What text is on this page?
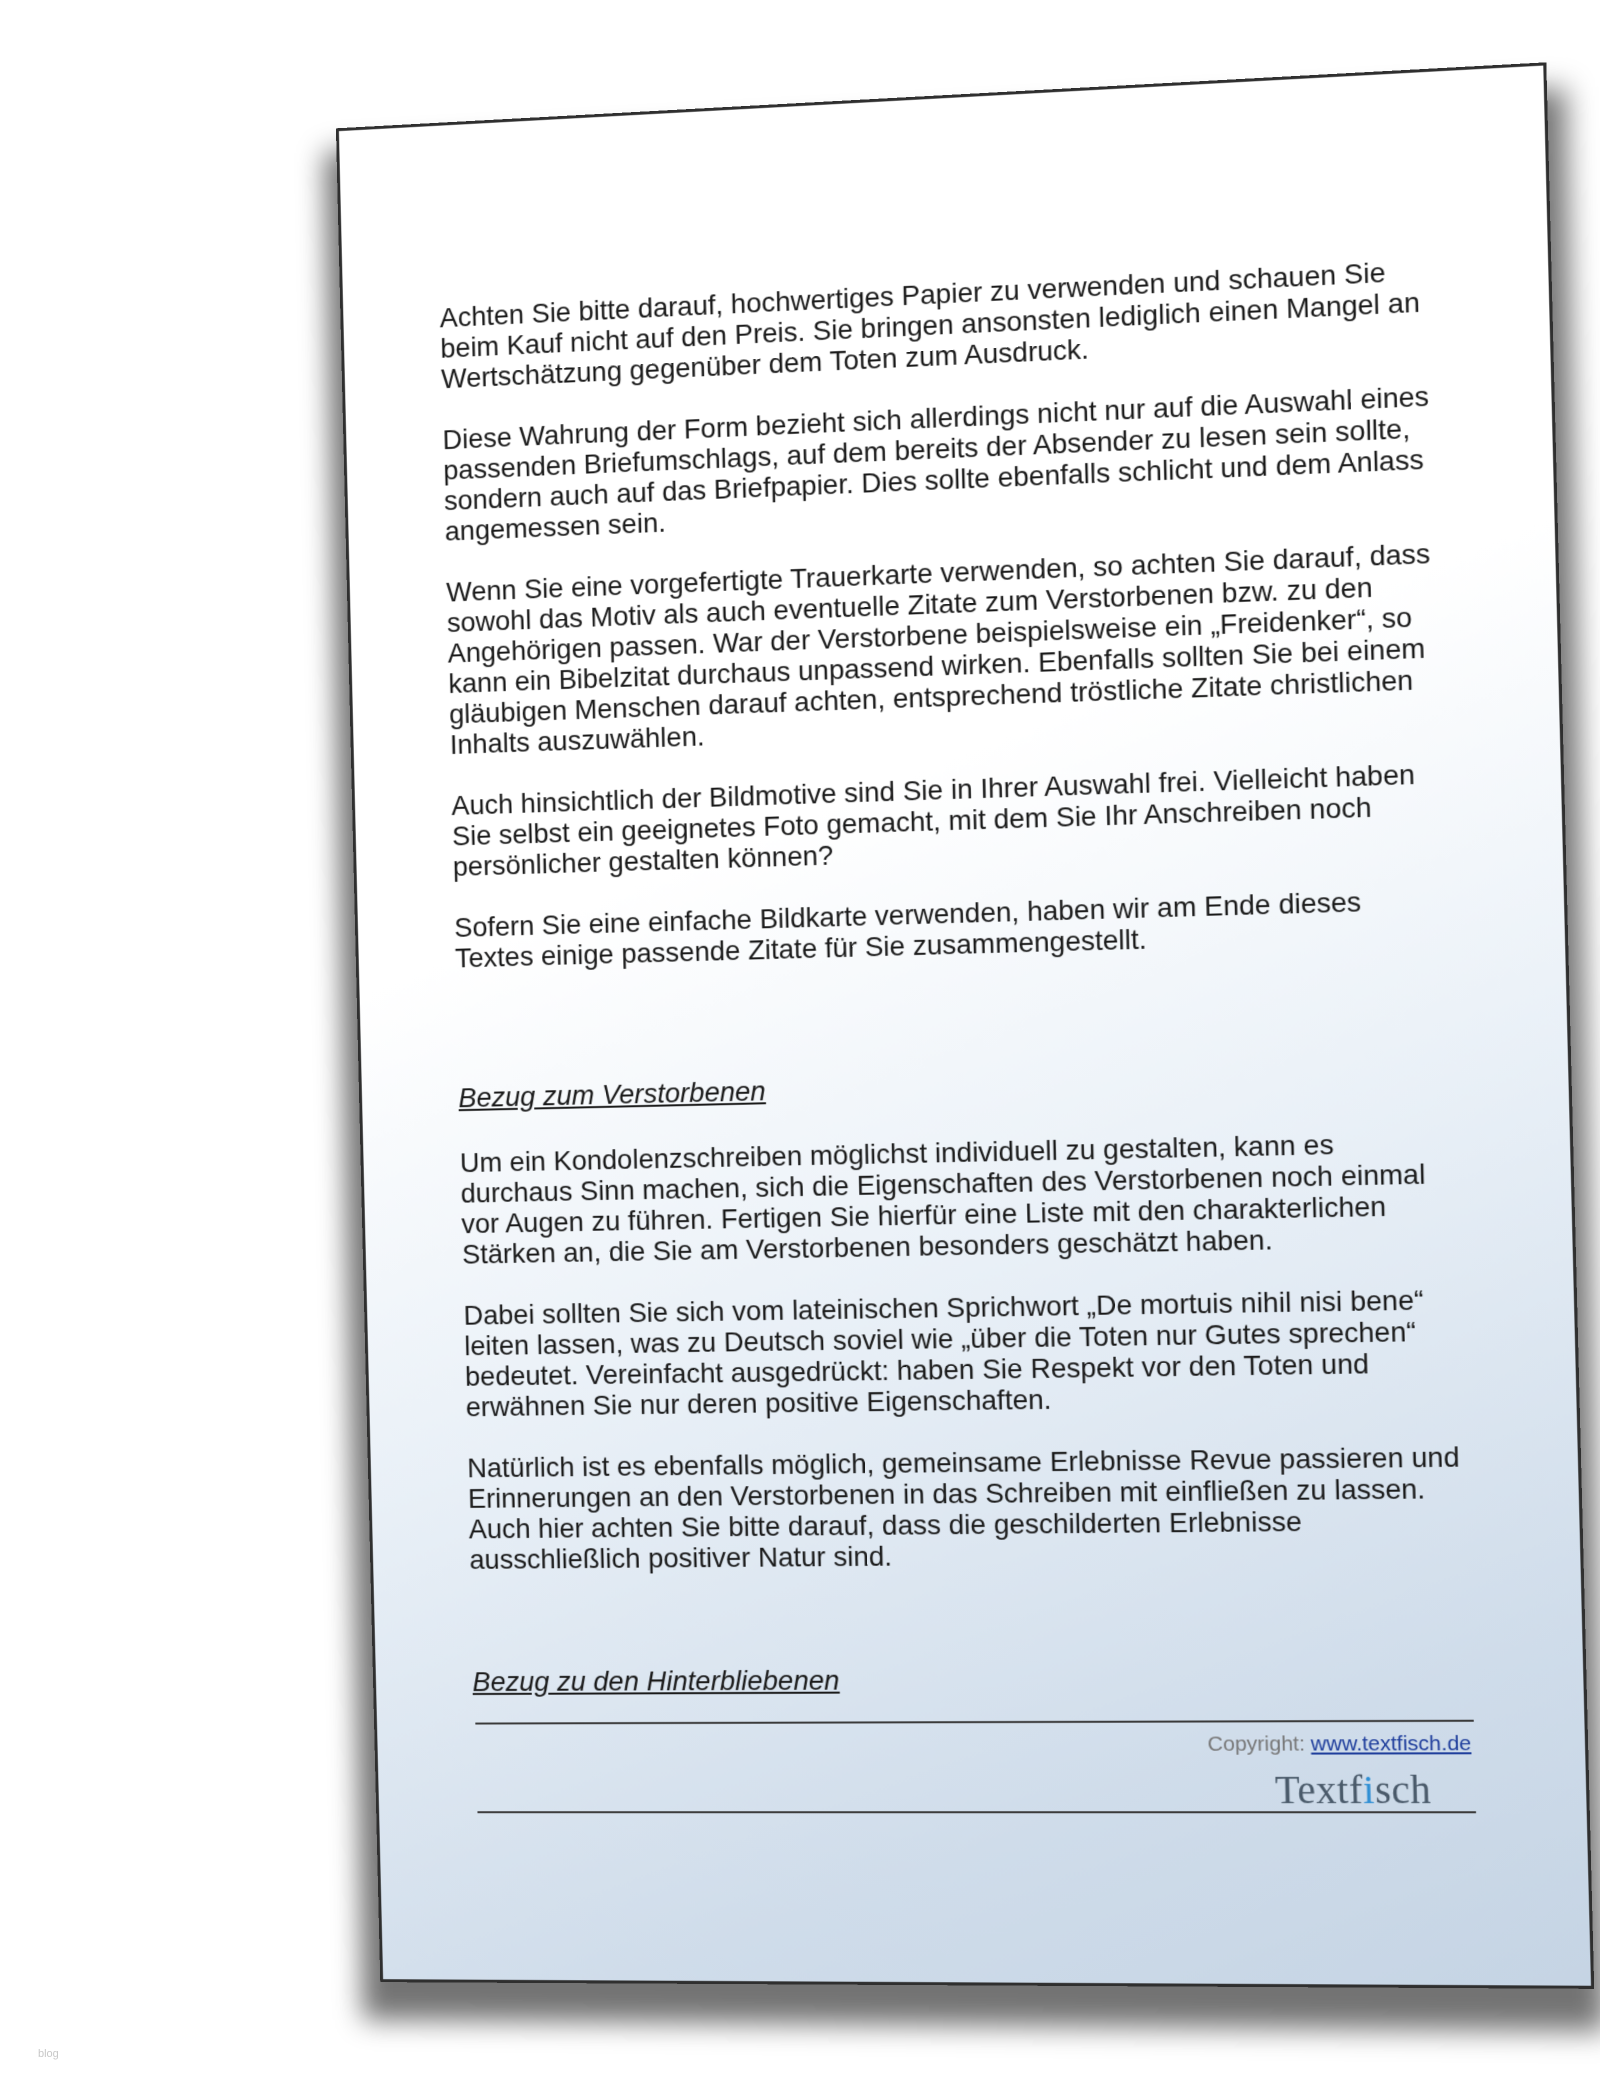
Achten Sie bitte darauf, hochwertiges Papier zu verwenden und schauen Sie beim Kauf nicht auf den Preis. Sie bringen ansonsten lediglich einen Mangel an Wertschätzung gegenüber dem Toten zum Ausdruck.

Diese Wahrung der Form bezieht sich allerdings nicht nur auf die Auswahl eines passenden Briefumschlags, auf dem bereits der Absender zu lesen sein sollte, sondern auch auf das Briefpapier. Dies sollte ebenfalls schlicht und dem Anlass angemessen sein.

Wenn Sie eine vorgefertigte Trauerkarte verwenden, so achten Sie darauf, dass sowohl das Motiv als auch eventuelle Zitate zum Verstorbenen bzw. zu den Angehörigen passen. War der Verstorbene beispielsweise ein „Freidenker“, so kann ein Bibelzitat durchaus unpassend wirken. Ebenfalls sollten Sie bei einem gläubigen Menschen darauf achten, entsprechend tröstliche Zitate christlichen Inhalts auszuwählen.

Auch hinsichtlich der Bildmotive sind Sie in Ihrer Auswahl frei. Vielleicht haben Sie selbst ein geeignetes Foto gemacht, mit dem Sie Ihr Anschreiben noch persönlicher gestalten können?

Sofern Sie eine einfache Bildkarte verwenden, haben wir am Ende dieses Textes einige passende Zitate für Sie zusammengestellt.

Bezug zum Verstorbenen

Um ein Kondolenzschreiben möglichst individuell zu gestalten, kann es durchaus Sinn machen, sich die Eigenschaften des Verstorbenen noch einmal vor Augen zu führen. Fertigen Sie hierfür eine Liste mit den charakterlichen Stärken an, die Sie am Verstorbenen besonders geschätzt haben.

Dabei sollten Sie sich vom lateinischen Sprichwort „De mortuis nihil nisi bene“ leiten lassen, was zu Deutsch soviel wie „über die Toten nur Gutes sprechen“ bedeutet. Vereinfacht ausgedrückt: haben Sie Respekt vor den Toten und erwähnen Sie nur deren positive Eigenschaften.

Natürlich ist es ebenfalls möglich, gemeinsame Erlebnisse Revue passieren und Erinnerungen an den Verstorbenen in das Schreiben mit einfließen zu lassen. Auch hier achten Sie bitte darauf, dass die geschilderten Erlebnisse ausschließlich positiver Natur sind.

Bezug zu den Hinterbliebenen

Copyright: www.textfisch.de
Textfisch
blog
